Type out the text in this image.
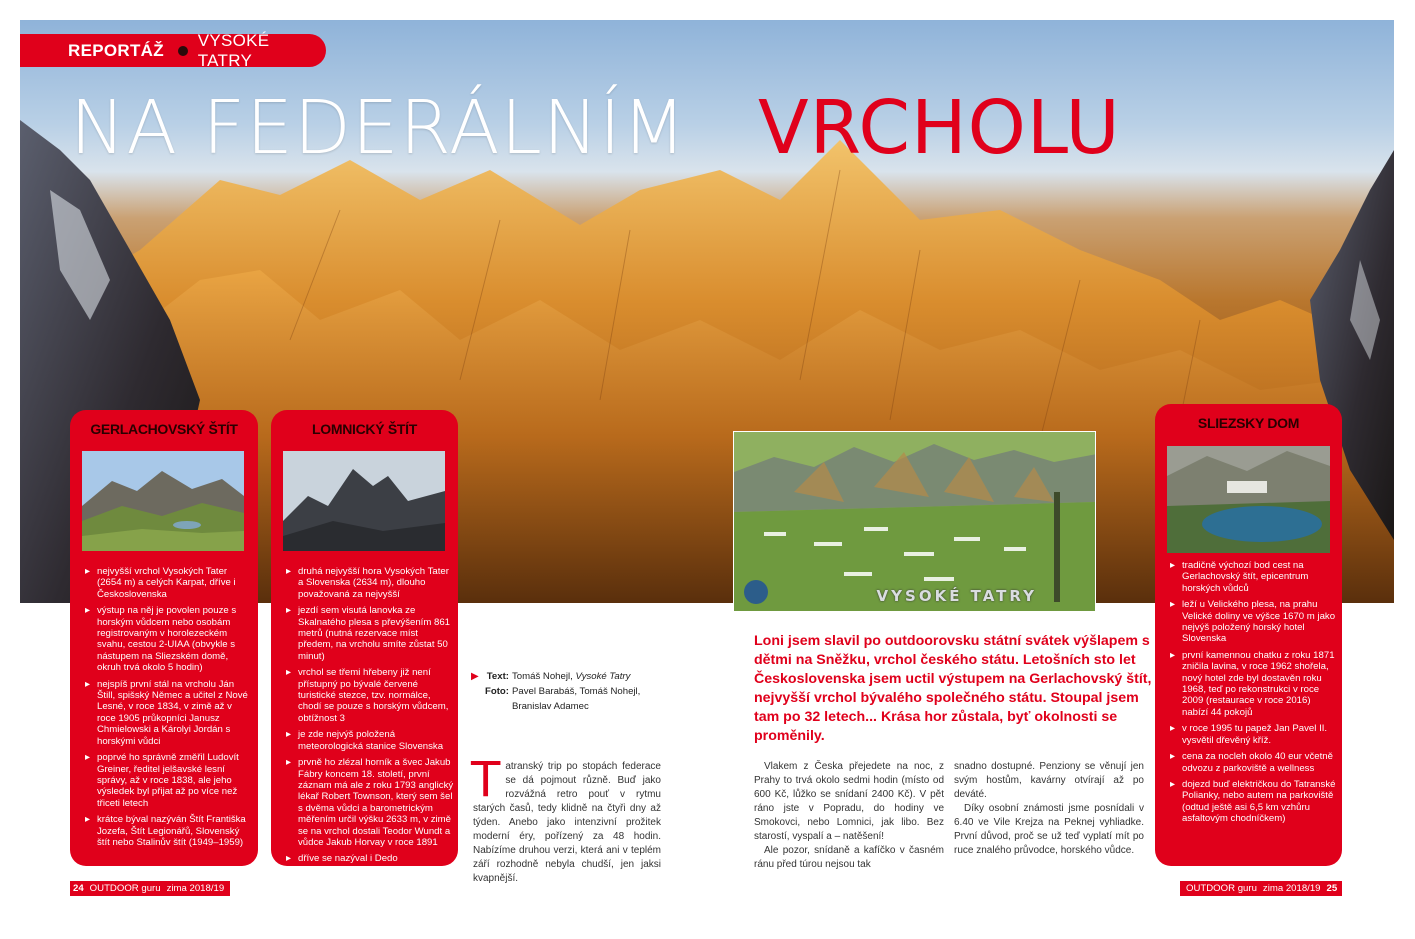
REPORTÁŽ
VYSOKÉ TATRY
NA FEDERÁLNÍM VRCHOLU
GERLACHOVSKÝ ŠTÍT
▸ nejvyšší vrchol Vysokých Tater (2654 m) a celých Karpat, dříve i Československa
▸ výstup na něj je povolen pouze s horským vůdcem nebo osobám registrovaným v horolezeckém svahu, cestou 2-UIAA (obvykle s nástupem na Sliezském domě, okruh trvá okolo 5 hodin)
▸ nejspíš první stál na vrcholu Ján Štill, spišský Němec a učitel z Nové Lesné, v roce 1834, v zimě až v roce 1905 průkopníci Janusz Chmielowski a Károlyi Jordán s horskými vůdci
▸ poprvé ho správně změřil Ludovít Greiner, ředitel jelšavské lesní správy, až v roce 1838, ale jeho výsledek byl přijat až po více než třiceti letech
▸ krátce býval nazýván Štít Františka Jozefa, Štít Legionářů, Slovenský štít nebo Stalinův štít (1949–1959)
LOMNICKÝ ŠTÍT
▸ druhá nejvyšší hora Vysokých Tater a Slovenska (2634 m), dlouho považovaná za nejvyšší
▸ jezdí sem visutá lanovka ze Skalnatého plesa s převýšením 861 metrů (nutná rezervace míst předem, na vrcholu smíte zůstat 50 minut)
▸ vrchol se třemi hřebeny již není přístupný po bývalé červené turistické stezce, tzv. normálce, chodí se pouze s horským vůdcem, obtížnost 3
▸ je zde nejvýš položená meteorologická stanice Slovenska
▸ prvně ho zlézal horník a švec Jakub Fábry koncem 18. století, první záznam má ale z roku 1793 anglický lékař Robert Townson, který sem šel s dvěma vůdci a barometrickým měřením určil výšku 2633 m, v zimě se na vrchol dostali Teodor Wundt a vůdce Jakub Horvay v roce 1891
▸ dříve se nazýval i Dedo
VYSOKÉ TATRY
SLIEZSKY DOM
▸ tradičně výchozí bod cest na Gerlachovský štít, epicentrum horských vůdců
▸ leží u Velického plesa, na prahu Velické doliny ve výšce 1670 m jako nejvýš položený horský hotel Slovenska
▸ první kamennou chatku z roku 1871 zničila lavina, v roce 1962 shořela, nový hotel zde byl dostavěn roku 1968, teď po rekonstrukci v roce 2009 (restaurace v roce 2016) nabízí 44 pokojů
▸ v roce 1995 tu papež Jan Pavel II. vysvětil dřevěný kříž.
▸ cena za nocleh okolo 40 eur včetně odvozu z parkoviště a wellness
▸ dojezd buď električkou do Tatranské Polianky, nebo autem na parkoviště (odtud ještě asi 6,5 km vzhůru asfaltovým chodníčkem)
▶ Text: Tomáš Nohejl,
Vysoké Tatry
Foto: Pavel Barabáš, Tomáš Nohejl,
Branislav Adamec
Loni jsem slavil po outdoorovsku státní svátek výšlapem s dětmi na Sněžku, vrchol českého státu. Letošních sto let Československa jsem uctil výstupem na Gerlachovský štít, nejvyšší vrchol bývalého společného státu. Stoupal jsem tam po 32 letech... Krása hor zůstala, byť okolnosti se proměnily.
T atranský trip po stopách federace se dá pojmout různě. Buď jako rozvážná retro pouť v rytmu starých časů, tedy klidně na čtyři dny až týden. Anebo jako intenzivní prožitek moderní éry, pořízený za 48 hodin. Nabízíme druhou verzi, která ani v teplém září rozhodně nebyla chudší, jen jaksi kvapnější.

Vlakem z Česka přejedete na noc, z Prahy to trvá okolo sedmi hodin (místo od 600 Kč, lůžko se snídaní 2400 Kč). V pět ráno jste v Popradu, do hodiny ve Smokovci, nebo Lomnici, jak libo. Bez starostí, vyspalí a – natěšení!

Ale pozor, snídaně a kafíčko v časném ránu před túrou nejsou tak

snadno dostupné. Penziony se věnují jen svým hostům, kavárny otvírají až po deváté.

Díky osobní známosti jsme posnídali v 6.40 ve Vile Krejza na Peknej vyhliadke. První důvod, proč se už teď vyplatí mít po ruce znalého průvodce, horského vůdce.

24 OUTDOOR guru zima 2018/19	OUTDOOR guru zima 2018/19 25
